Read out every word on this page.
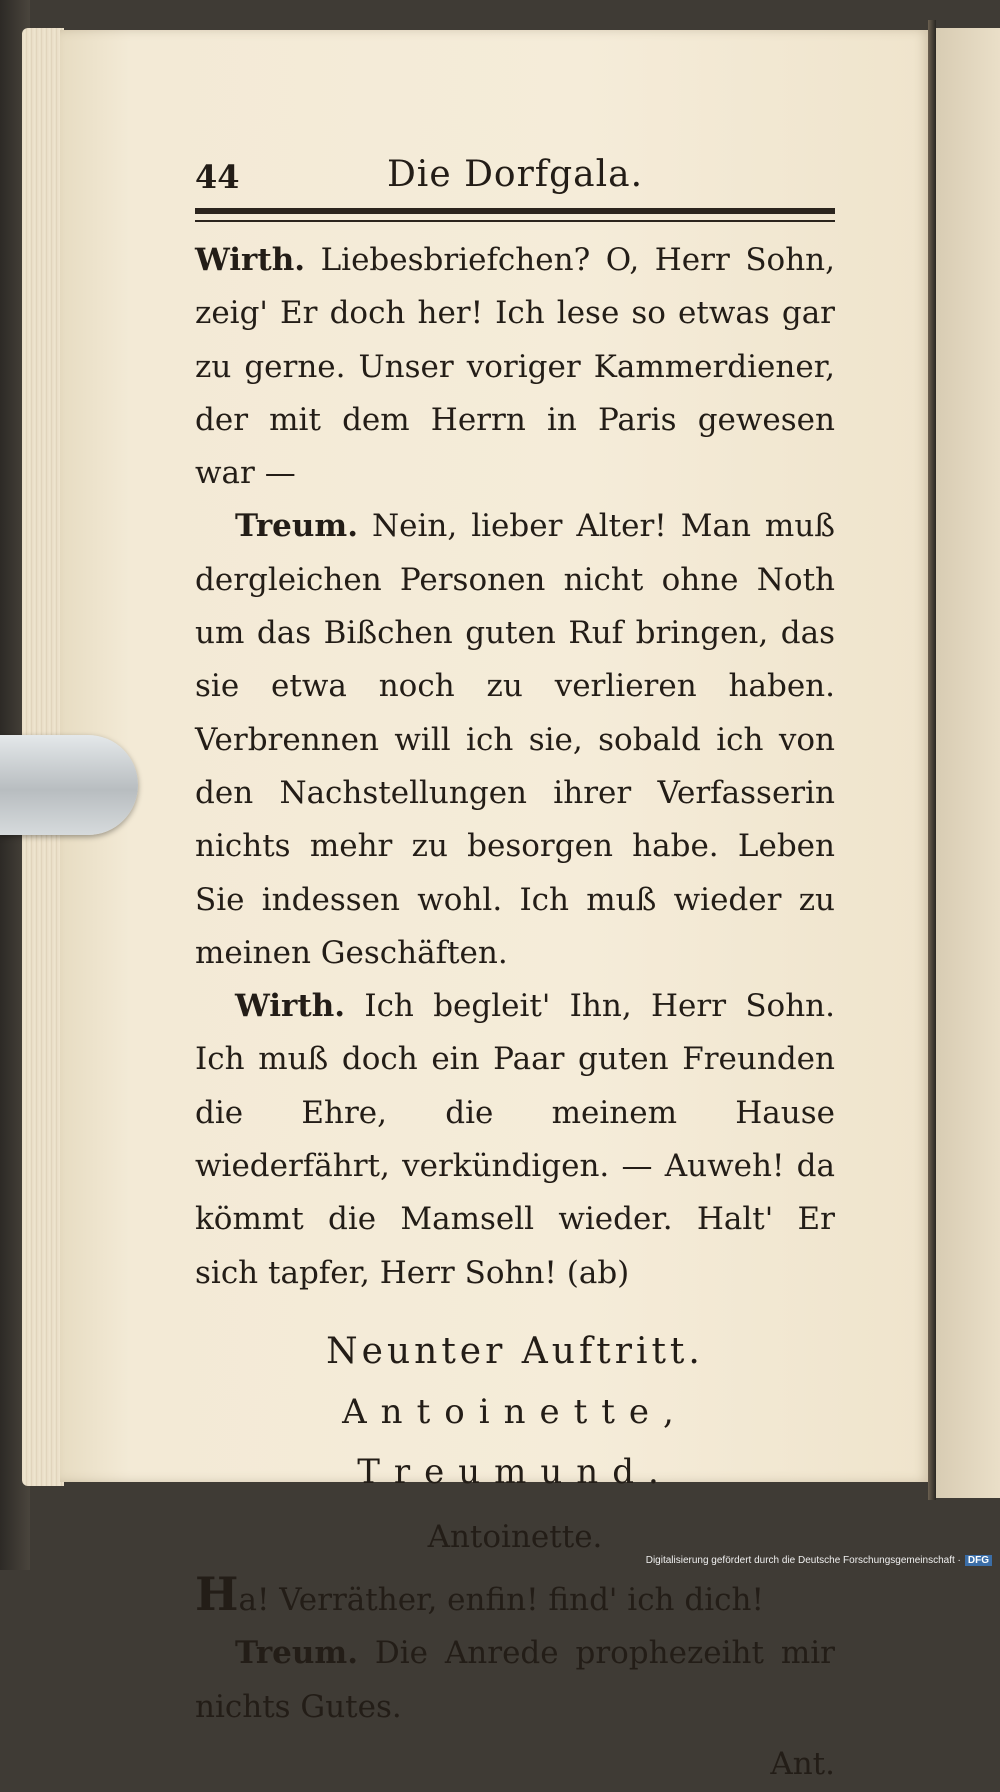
44	Die Dorfgala.

Wirth. Liebesbriefchen? O, Herr Sohn, zeig' Er doch her! Ich lese so etwas gar zu gerne. Unser voriger Kammerdiener, der mit dem Herrn in Paris gewesen war —

Treum. Nein, lieber Alter! Man muß dergleichen Personen nicht ohne Noth um das Bißchen guten Ruf bringen, das sie etwa noch zu verlieren haben. Verbrennen will ich sie, sobald ich von den Nachstellungen ihrer Verfasserin nichts mehr zu besorgen habe. Leben Sie indessen wohl. Ich muß wieder zu meinen Geschäften.

Wirth. Ich begleit' Ihn, Herr Sohn. Ich muß doch ein Paar guten Freunden die Ehre, die meinem Hause wiederfährt, verkündigen. — Auweh! da kömmt die Mamsell wieder. Halt' Er sich tapfer, Herr Sohn! (ab)

Neunter Auftritt.
Antoinette, Treumund.
Antoinette.

Ha! Verräther, enfin! find' ich dich!

Treum. Die Anrede prophezeiht mir nichts Gutes.

Ant.
Digitalisierung gefördert durch die Deutsche Forschungsgemeinschaft · DFG
